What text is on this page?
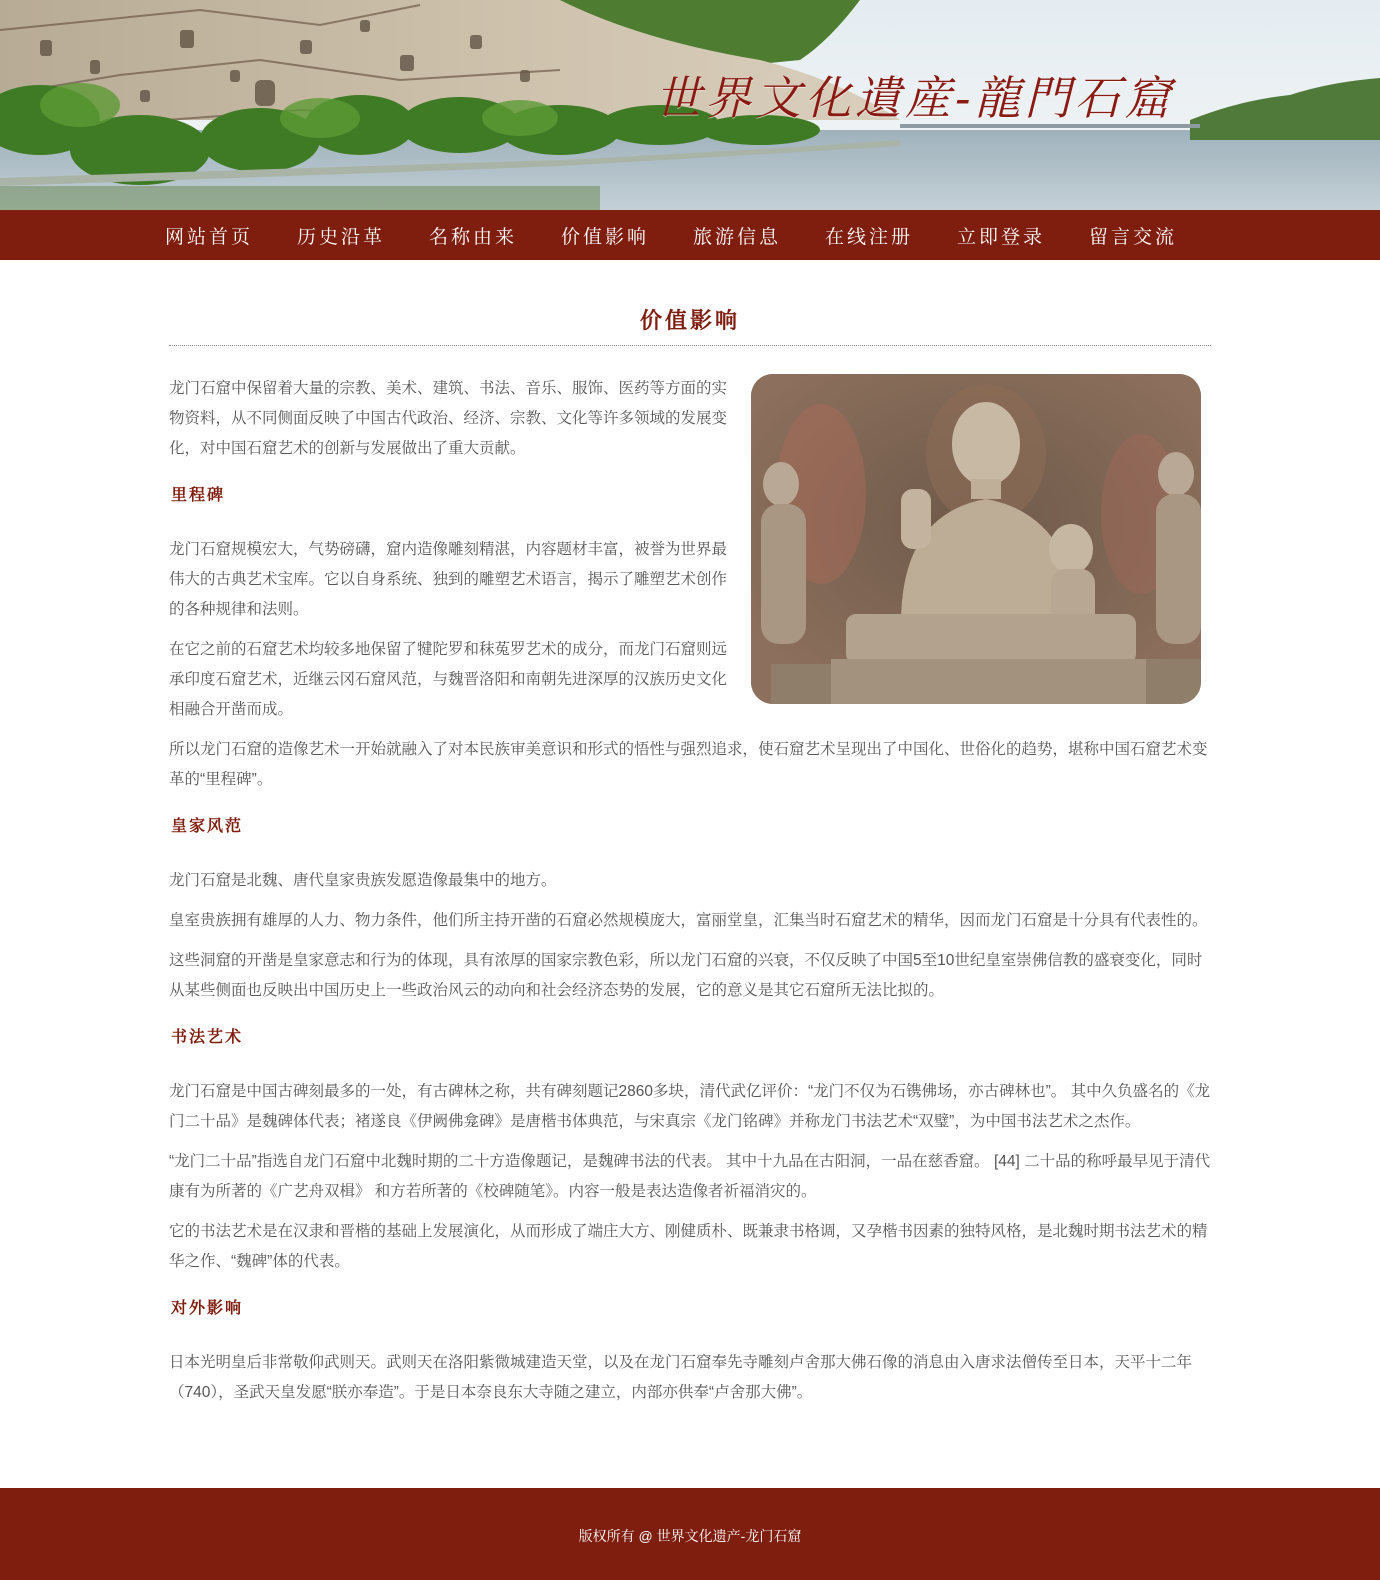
世界文化遺産-龍門石窟
网站首页	历史沿革	名称由来	价值影响	旅游信息	在线注册	立即登录	留言交流
价值影响

龙门石窟中保留着大量的宗教、美术、建筑、书法、音乐、服饰、医药等方面的实物资料，从不同侧面反映了中国古代政治、经济、宗教、文化等许多领域的发展变化，对中国石窟艺术的创新与发展做出了重大贡献。

里程碑

龙门石窟规模宏大，气势磅礴，窟内造像雕刻精湛，内容题材丰富，被誉为世界最伟大的古典艺术宝库。它以自身系统、独到的雕塑艺术语言，揭示了雕塑艺术创作的各种规律和法则。

在它之前的石窟艺术均较多地保留了犍陀罗和秣菟罗艺术的成分，而龙门石窟则远承印度石窟艺术，近继云冈石窟风范，与魏晋洛阳和南朝先进深厚的汉族历史文化相融合开凿而成。

所以龙门石窟的造像艺术一开始就融入了对本民族审美意识和形式的悟性与强烈追求，使石窟艺术呈现出了中国化、世俗化的趋势，堪称中国石窟艺术变革的“里程碑”。

皇家风范

龙门石窟是北魏、唐代皇家贵族发愿造像最集中的地方。

皇室贵族拥有雄厚的人力、物力条件，他们所主持开凿的石窟必然规模庞大，富丽堂皇，汇集当时石窟艺术的精华，因而龙门石窟是十分具有代表性的。

这些洞窟的开凿是皇家意志和行为的体现，具有浓厚的国家宗教色彩，所以龙门石窟的兴衰，不仅反映了中国5至10世纪皇室崇佛信教的盛衰变化，同时从某些侧面也反映出中国历史上一些政治风云的动向和社会经济态势的发展，它的意义是其它石窟所无法比拟的。

书法艺术

龙门石窟是中国古碑刻最多的一处，有古碑林之称，共有碑刻题记2860多块，清代武亿评价：“龙门不仅为石镌佛场，亦古碑林也”。 其中久负盛名的《龙门二十品》是魏碑体代表；褚遂良《伊阙佛龛碑》是唐楷书体典范，与宋真宗《龙门铭碑》并称龙门书法艺术“双璧”，为中国书法艺术之杰作。

“龙门二十品”指选自龙门石窟中北魏时期的二十方造像题记，是魏碑书法的代表。 其中十九品在古阳洞，一品在慈香窟。 [44] 二十品的称呼最早见于清代康有为所著的《广艺舟双楫》 和方若所著的《校碑随笔》。内容一般是表达造像者祈福消灾的。

它的书法艺术是在汉隶和晋楷的基础上发展演化，从而形成了端庄大方、刚健质朴、既兼隶书格调，又孕楷书因素的独特风格，是北魏时期书法艺术的精华之作、“魏碑”体的代表。

对外影响

日本光明皇后非常敬仰武则天。武则天在洛阳紫微城建造天堂，以及在龙门石窟奉先寺雕刻卢舍那大佛石像的消息由入唐求法僧传至日本，天平十二年（740），圣武天皇发愿“朕亦奉造”。于是日本奈良东大寺随之建立，内部亦供奉“卢舍那大佛”。

版权所有 @ 世界文化遗产-龙门石窟
